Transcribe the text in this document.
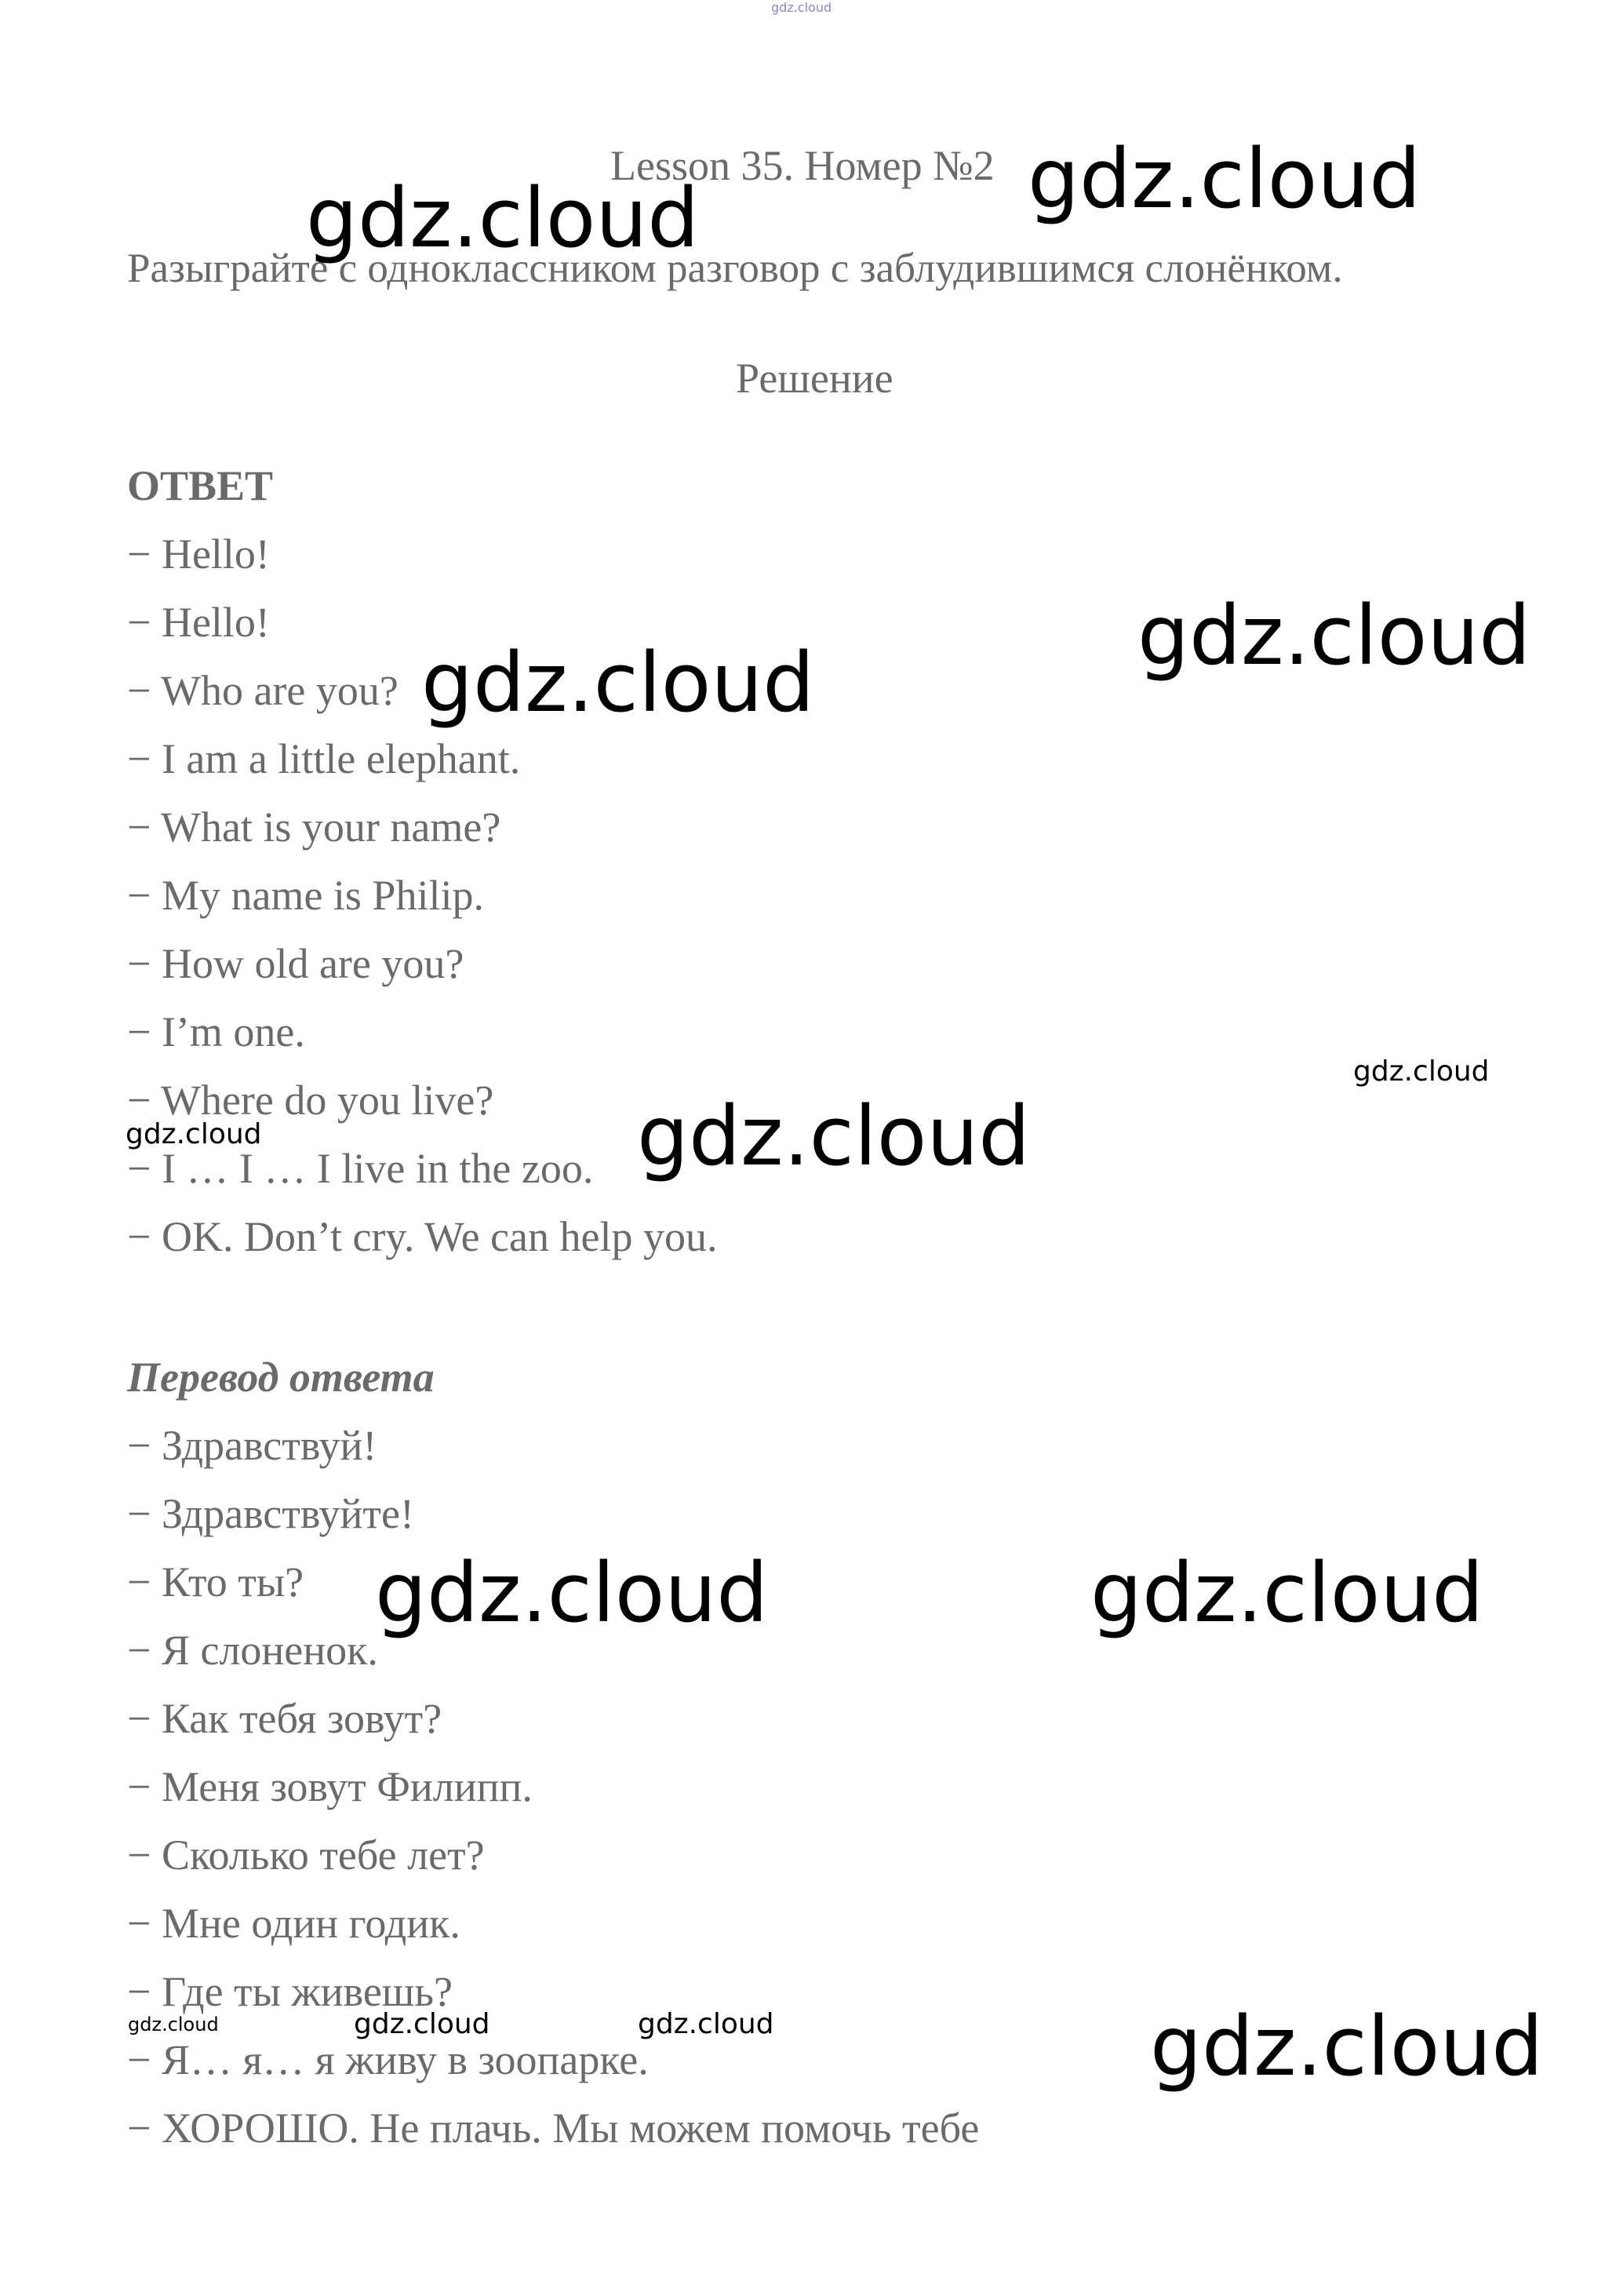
gdz.cloud
Lesson 35. Номер №2
Разыграйте с одноклассником разговор с заблудившимся слонёнком.
Решение
ОТВЕТ
− Hello!
− Hello!
− Who are you?
− I am a little elephant.
− What is your name?
− My name is Philip.
− How old are you?
− I’m one.
− Where do you live?
− I … I … I live in the zoo.
− OK. Don’t cry. We can help you.
Перевод ответа
− Здравствуй!
− Здравствуйте!
− Кто ты?
− Я слоненок.
− Как тебя зовут?
− Меня зовут Филипп.
− Сколько тебе лет?
− Мне один годик.
− Где ты живешь?
− Я… я… я живу в зоопарке.
− ХОРОШО. Не плачь. Мы можем помочь тебе
gdz.cloud
gdz.cloud
gdz.cloud
gdz.cloud
gdz.cloud
gdz.cloud	gdz.cloud
gdz.cloud	gdz.cloud
gdz.cloud	gdz.cloud	gdz.cloud	gdz.cloud
